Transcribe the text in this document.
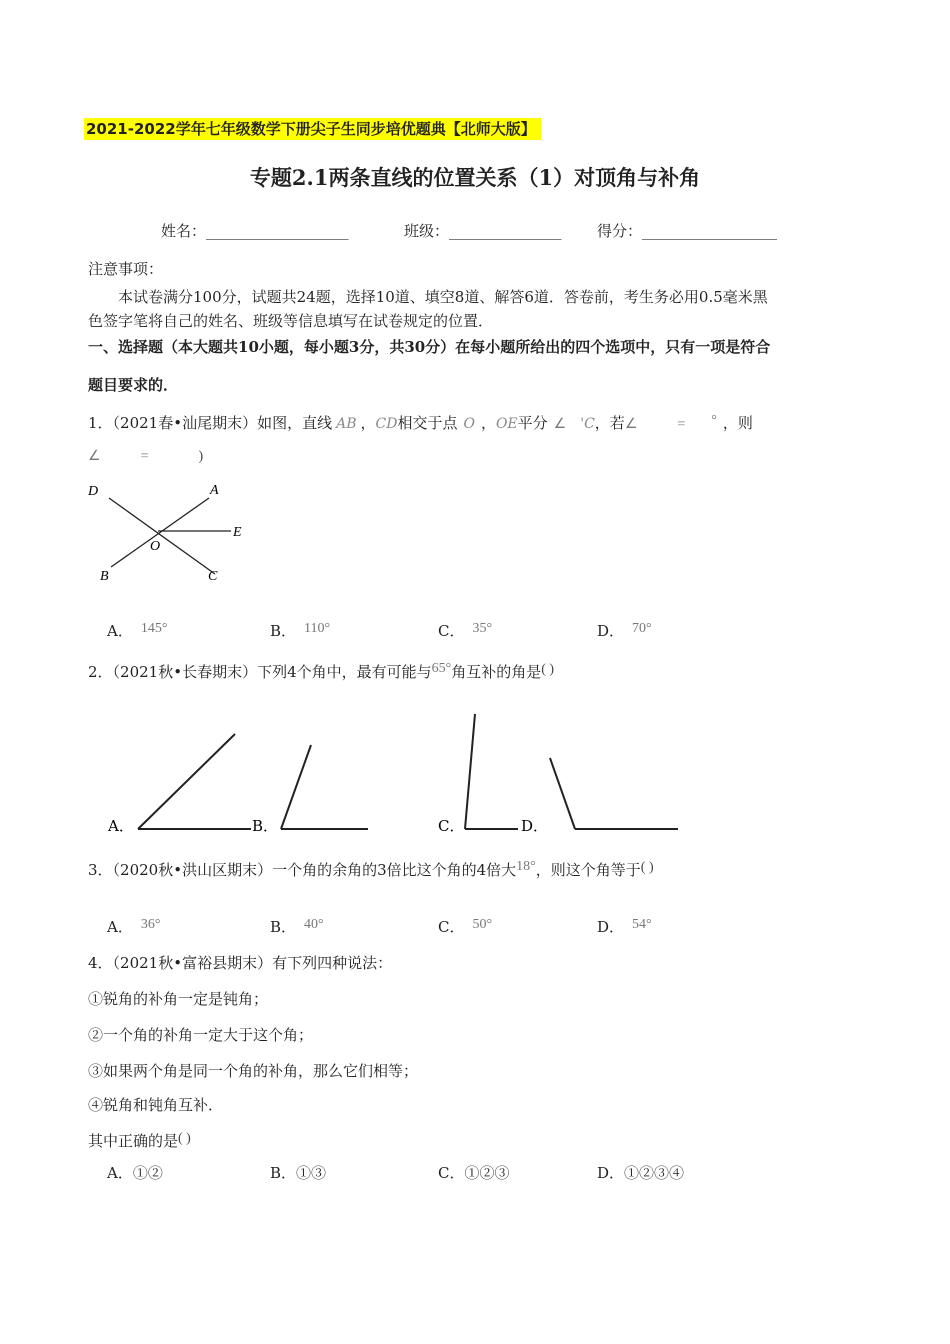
2021-2022学年七年级数学下册尖子生同步培优题典【北师大版】
专题2.1两条直线的位置关系（1）对顶角与补角
姓名：___________________	班级：_______________ 得分：__________________
注意事项：
本试卷满分100分，试题共24题，选择10道、填空8道、解答6道．答卷前，考生务必用0.5毫米黑
色签字笔将自己的姓名、班级等信息填写在试卷规定的位置．
一、选择题（本大题共10小题，每小题3分，共30分）在每小题所给出的四个选项中，只有一项是符合
题目要求的．
1．（2021春•汕尾期末）如图，直线 AB ，CD相交于点 O ，OE平分 ∠ 'C，若∠	= ° ，则
∠	=	)
D	A
E
O
B	C
A． 145°	B． 110°	C． 35°	D． 70°
2．（2021秋•长春期末）下列4个角中，最有可能与65°角互补的角是( )
A．	B．	C．	D．
3．（2020秋•洪山区期末）一个角的余角的3倍比这个角的4倍大18°，则这个角等于( )
A． 36°	B． 40°	C． 50°	D． 54°
4．（2021秋•富裕县期末）有下列四种说法：
①锐角的补角一定是钝角；
②一个角的补角一定大于这个角；
③如果两个角是同一个角的补角，那么它们相等；
④锐角和钝角互补．
其中正确的是( )
A．①②	B．①③	C．①②③	D．①②③④
